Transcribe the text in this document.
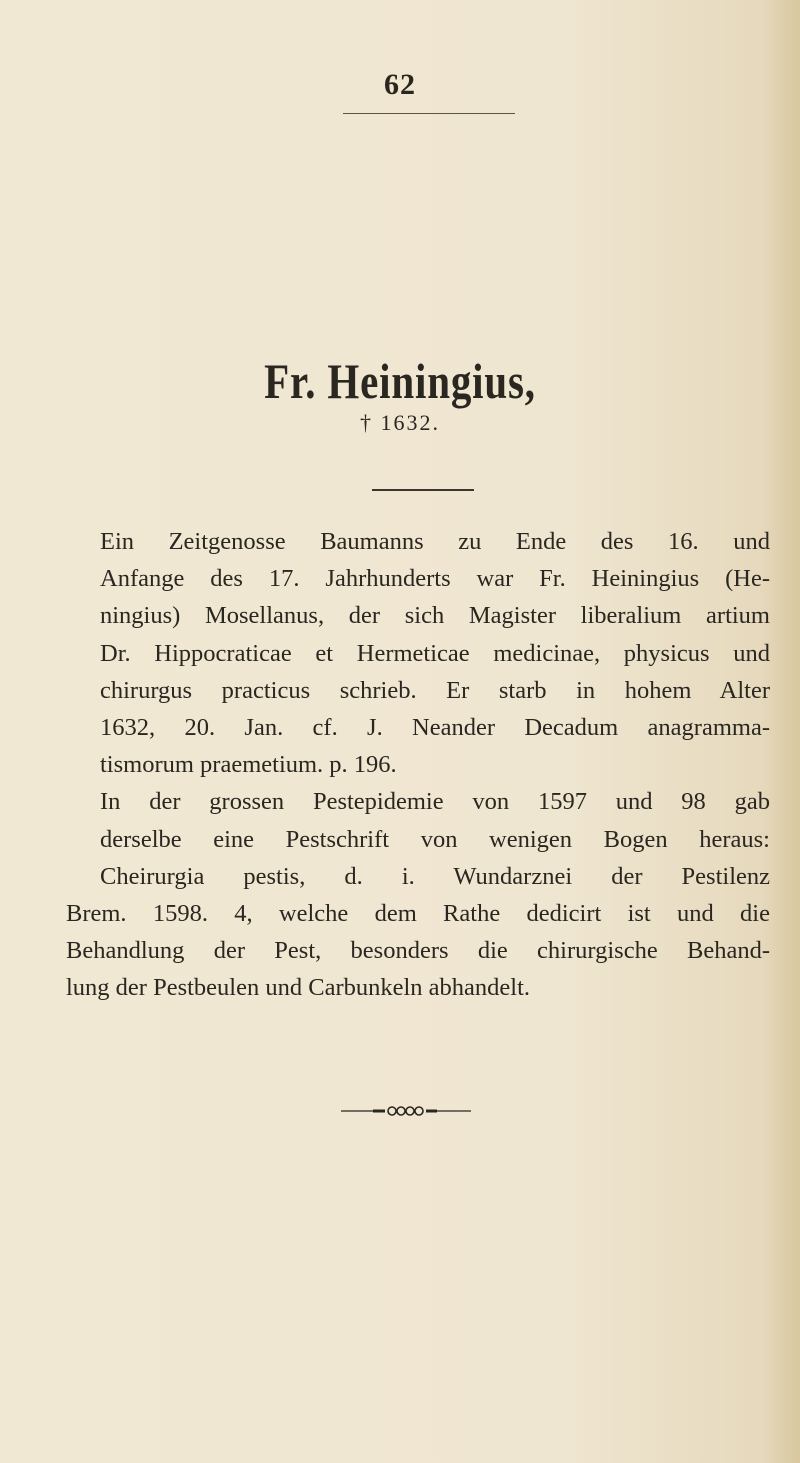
62
Fr. Heiningius,
† 1632.

Ein Zeitgenosse Baumanns zu Ende des 16. und
Anfange des 17. Jahrhunderts war Fr. Heiningius (He-
ningius) Mosellanus, der sich Magister liberalium artium
Dr. Hippocraticae et Hermeticae medicinae, physicus und
chirurgus practicus schrieb. Er starb in hohem Alter
1632, 20. Jan. cf. J. Neander Decadum anagramma-
tismorum praemetium. p. 196.

In der grossen Pestepidemie von 1597 und 98 gab
derselbe eine Pestschrift von wenigen Bogen heraus:

Cheirurgia pestis, d. i. Wundarznei der Pestilenz
Brem. 1598. 4, welche dem Rathe dedicirt ist und die
Behandlung der Pest, besonders die chirurgische Behand-
lung der Pestbeulen und Carbunkeln abhandelt.
